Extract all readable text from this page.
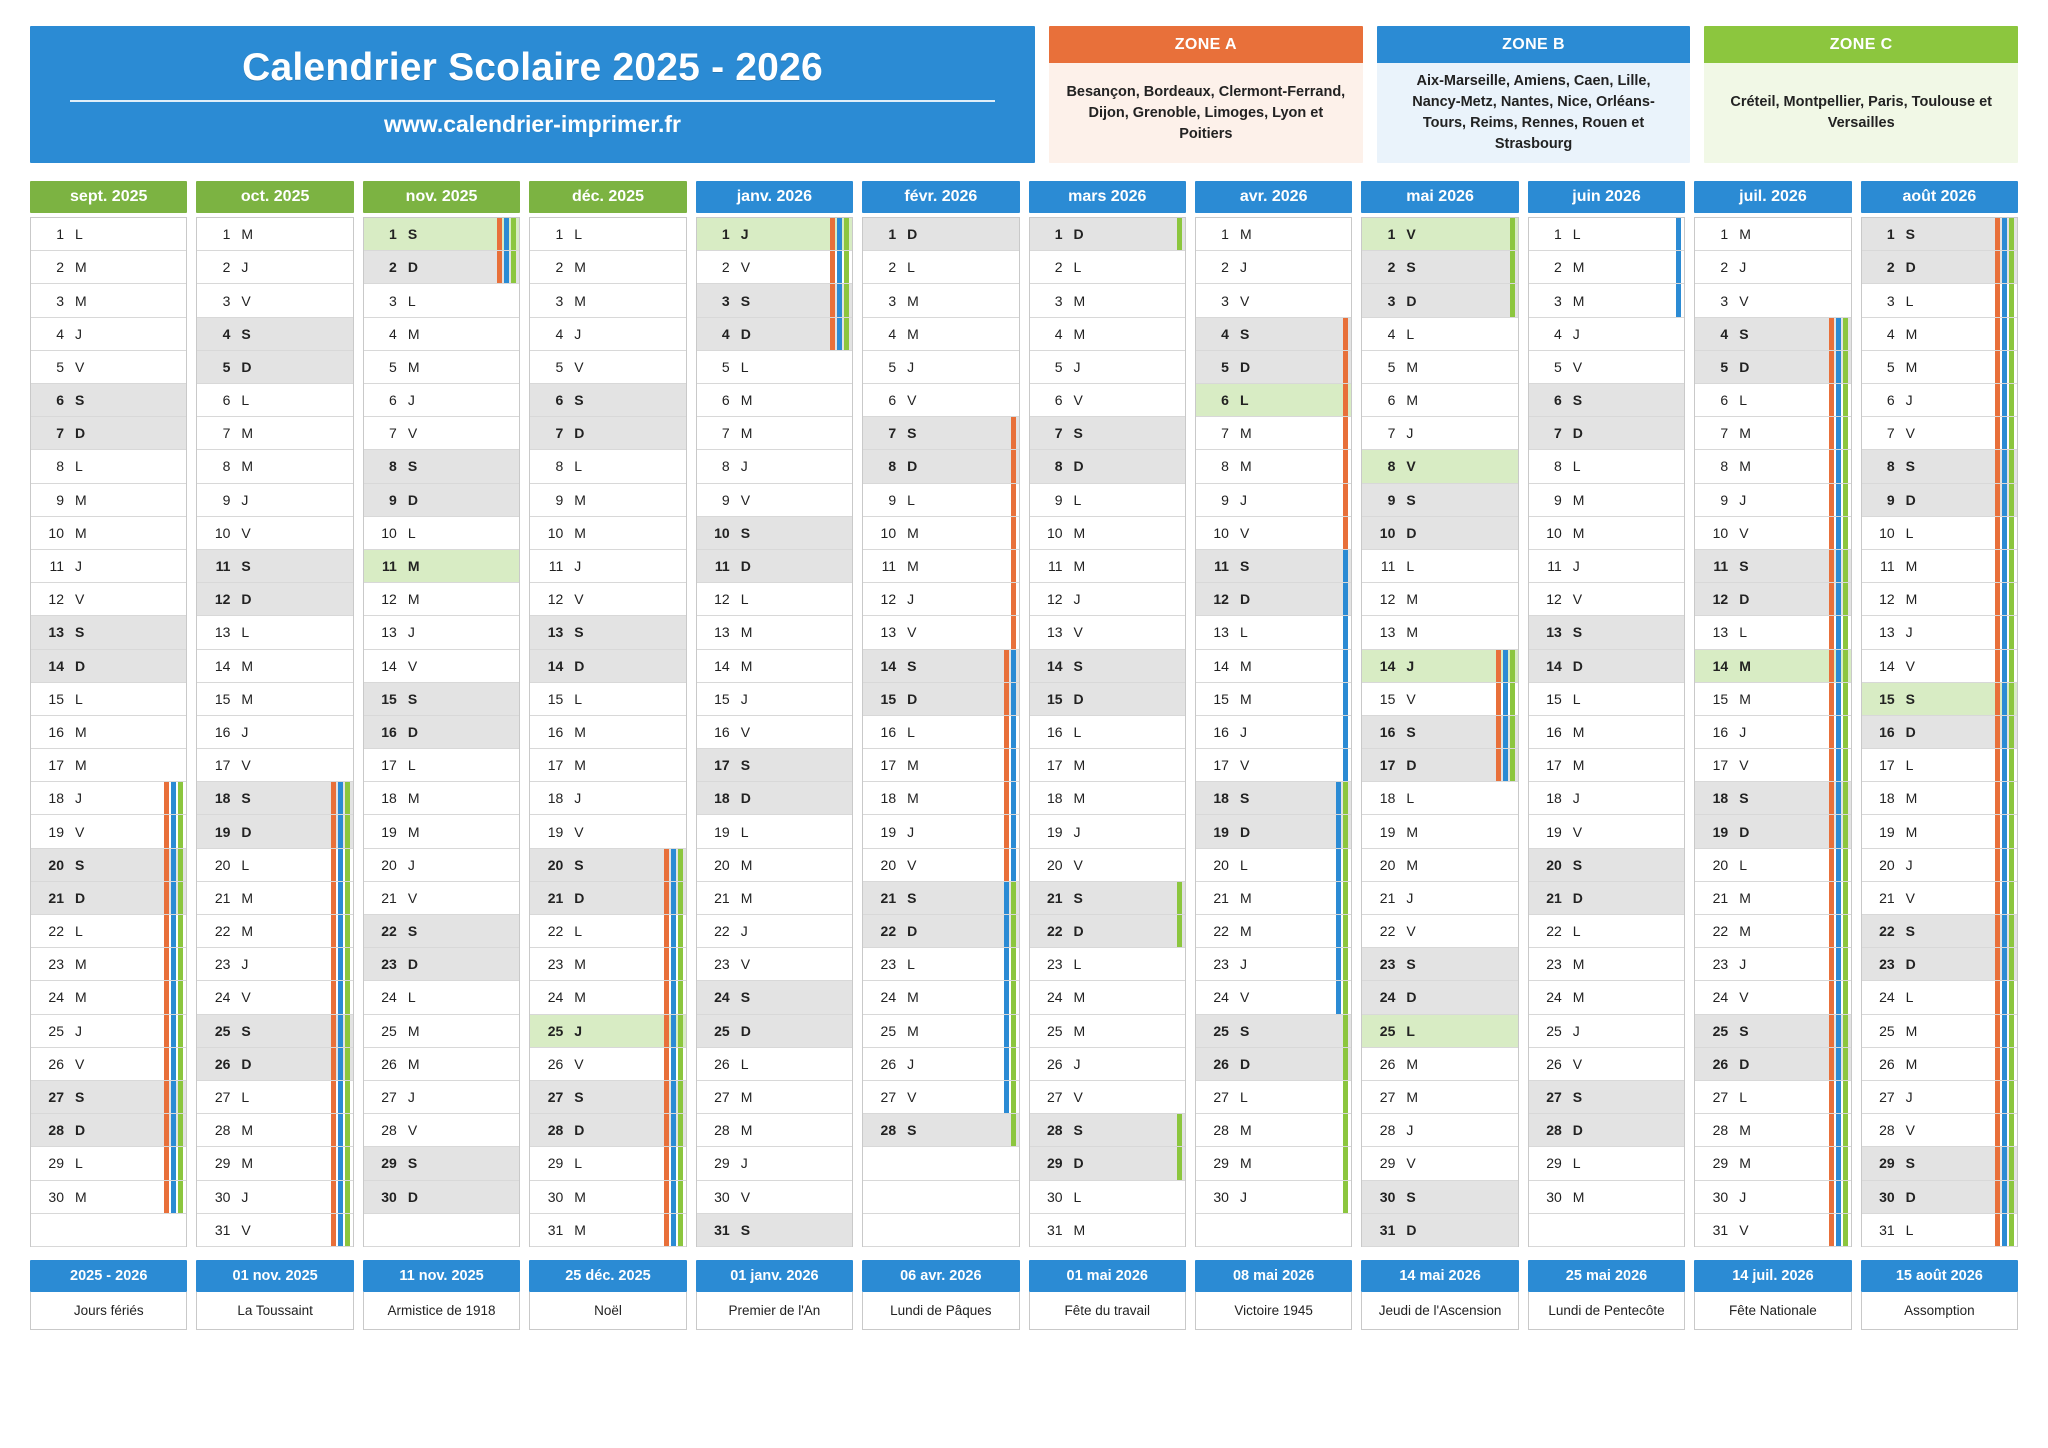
Calendrier Scolaire 2025 - 2026
www.calendrier-imprimer.fr
ZONE A
Besançon, Bordeaux, Clermont-Ferrand, Dijon, Grenoble, Limoges, Lyon et Poitiers
ZONE B
Aix-Marseille, Amiens, Caen, Lille, Nancy-Metz, Nantes, Nice, Orléans-Tours, Reims, Rennes, Rouen et Strasbourg
ZONE C
Créteil, Montpellier, Paris, Toulouse et Versailles
sept. 2025
1 L
2 M
3 M
4 J
5 V
6 S
7 D
8 L
9 M
10 M
11 J
12 V
13 S
14 D
15 L
16 M
17 M
18 J
19 V
20 S
21 D
22 L
23 M
24 M
25 J
26 V
27 S
28 D
29 L
30 M
oct. 2025
1 M
2 J
3 V
4 S
5 D
6 L
7 M
8 M
9 J
10 V
11 S
12 D
13 L
14 M
15 M
16 J
17 V
18 S
19 D
20 L
21 M
22 M
23 J
24 V
25 S
26 D
27 L
28 M
29 M
30 J
31 V
nov. 2025
1 S
2 D
3 L
4 M
5 M
6 J
7 V
8 S
9 D
10 L
11 M
12 M
13 J
14 V
15 S
16 D
17 L
18 M
19 M
20 J
21 V
22 S
23 D
24 L
25 M
26 M
27 J
28 V
29 S
30 D
déc. 2025
1 L
2 M
3 M
4 J
5 V
6 S
7 D
8 L
9 M
10 M
11 J
12 V
13 S
14 D
15 L
16 M
17 M
18 J
19 V
20 S
21 D
22 L
23 M
24 M
25 J
26 V
27 S
28 D
29 L
30 M
31 M
janv. 2026
1 J
2 V
3 S
4 D
5 L
6 M
7 M
8 J
9 V
10 S
11 D
12 L
13 M
14 M
15 J
16 V
17 S
18 D
19 L
20 M
21 M
22 J
23 V
24 S
25 D
26 L
27 M
28 M
29 J
30 V
31 S
févr. 2026
1 D
2 L
3 M
4 M
5 J
6 V
7 S
8 D
9 L
10 M
11 M
12 J
13 V
14 S
15 D
16 L
17 M
18 M
19 J
20 V
21 S
22 D
23 L
24 M
25 M
26 J
27 V
28 S
mars 2026
1 D
2 L
3 M
4 M
5 J
6 V
7 S
8 D
9 L
10 M
11 M
12 J
13 V
14 S
15 D
16 L
17 M
18 M
19 J
20 V
21 S
22 D
23 L
24 M
25 M
26 J
27 V
28 S
29 D
30 L
31 M
avr. 2026
1 M
2 J
3 V
4 S
5 D
6 L
7 M
8 M
9 J
10 V
11 S
12 D
13 L
14 M
15 M
16 J
17 V
18 S
19 D
20 L
21 M
22 M
23 J
24 V
25 S
26 D
27 L
28 M
29 M
30 J
mai 2026
1 V
2 S
3 D
4 L
5 M
6 M
7 J
8 V
9 S
10 D
11 L
12 M
13 M
14 J
15 V
16 S
17 D
18 L
19 M
20 M
21 J
22 V
23 S
24 D
25 L
26 M
27 M
28 J
29 V
30 S
31 D
juin 2026
1 L
2 M
3 M
4 J
5 V
6 S
7 D
8 L
9 M
10 M
11 J
12 V
13 S
14 D
15 L
16 M
17 M
18 J
19 V
20 S
21 D
22 L
23 M
24 M
25 J
26 V
27 S
28 D
29 L
30 M
juil. 2026
1 M
2 J
3 V
4 S
5 D
6 L
7 M
8 M
9 J
10 V
11 S
12 D
13 L
14 M
15 M
16 J
17 V
18 S
19 D
20 L
21 M
22 M
23 J
24 V
25 S
26 D
27 L
28 M
29 M
30 J
31 V
août 2026
1 S
2 D
3 L
4 M
5 M
6 J
7 V
8 S
9 D
10 L
11 M
12 M
13 J
14 V
15 S
16 D
17 L
18 M
19 M
20 J
21 V
22 S
23 D
24 L
25 M
26 M
27 J
28 V
29 S
30 D
31 L
2025 - 2026
Jours fériés
01 nov. 2025
La Toussaint
11 nov. 2025
Armistice de 1918
25 déc. 2025
Noël
01 janv. 2026
Premier de l'An
06 avr. 2026
Lundi de Pâques
01 mai 2026
Fête du travail
08 mai 2026
Victoire 1945
14 mai 2026
Jeudi de l'Ascension
25 mai 2026
Lundi de Pentecôte
14 juil. 2026
Fête Nationale
15 août 2026
Assomption
